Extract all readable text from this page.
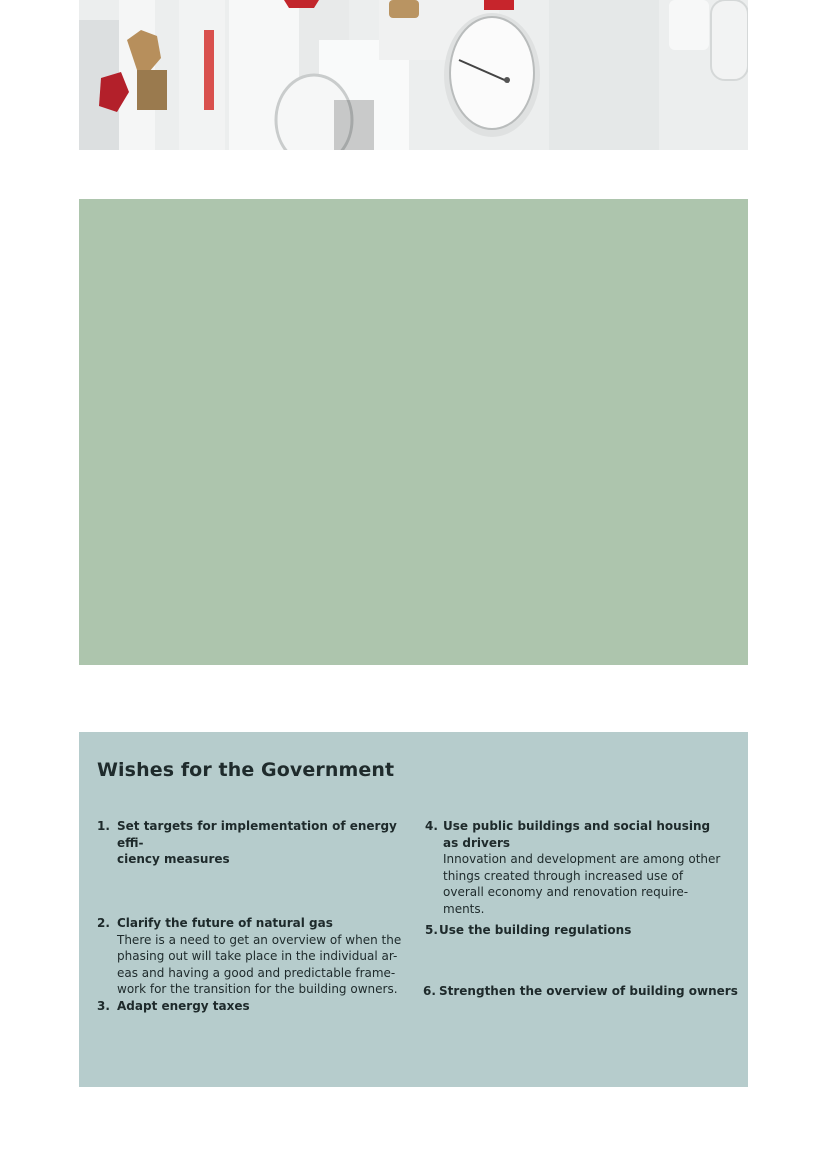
Wishes for the Government
1. Set targets for implementation of energy effi-
ciency measures
2. Clarify the future of natural gas
There is a need to get an overview of when the phasing out will take place in the individual ar- eas and having a good and predictable frame- work for the transition for the building owners.
3. Adapt energy taxes
4. Use public buildings and social housing as drivers
Innovation and development are among other things created through increased use of overall economy and renovation require- ments.
5. Use the building regulations
6. Strengthen the overview of building owners
